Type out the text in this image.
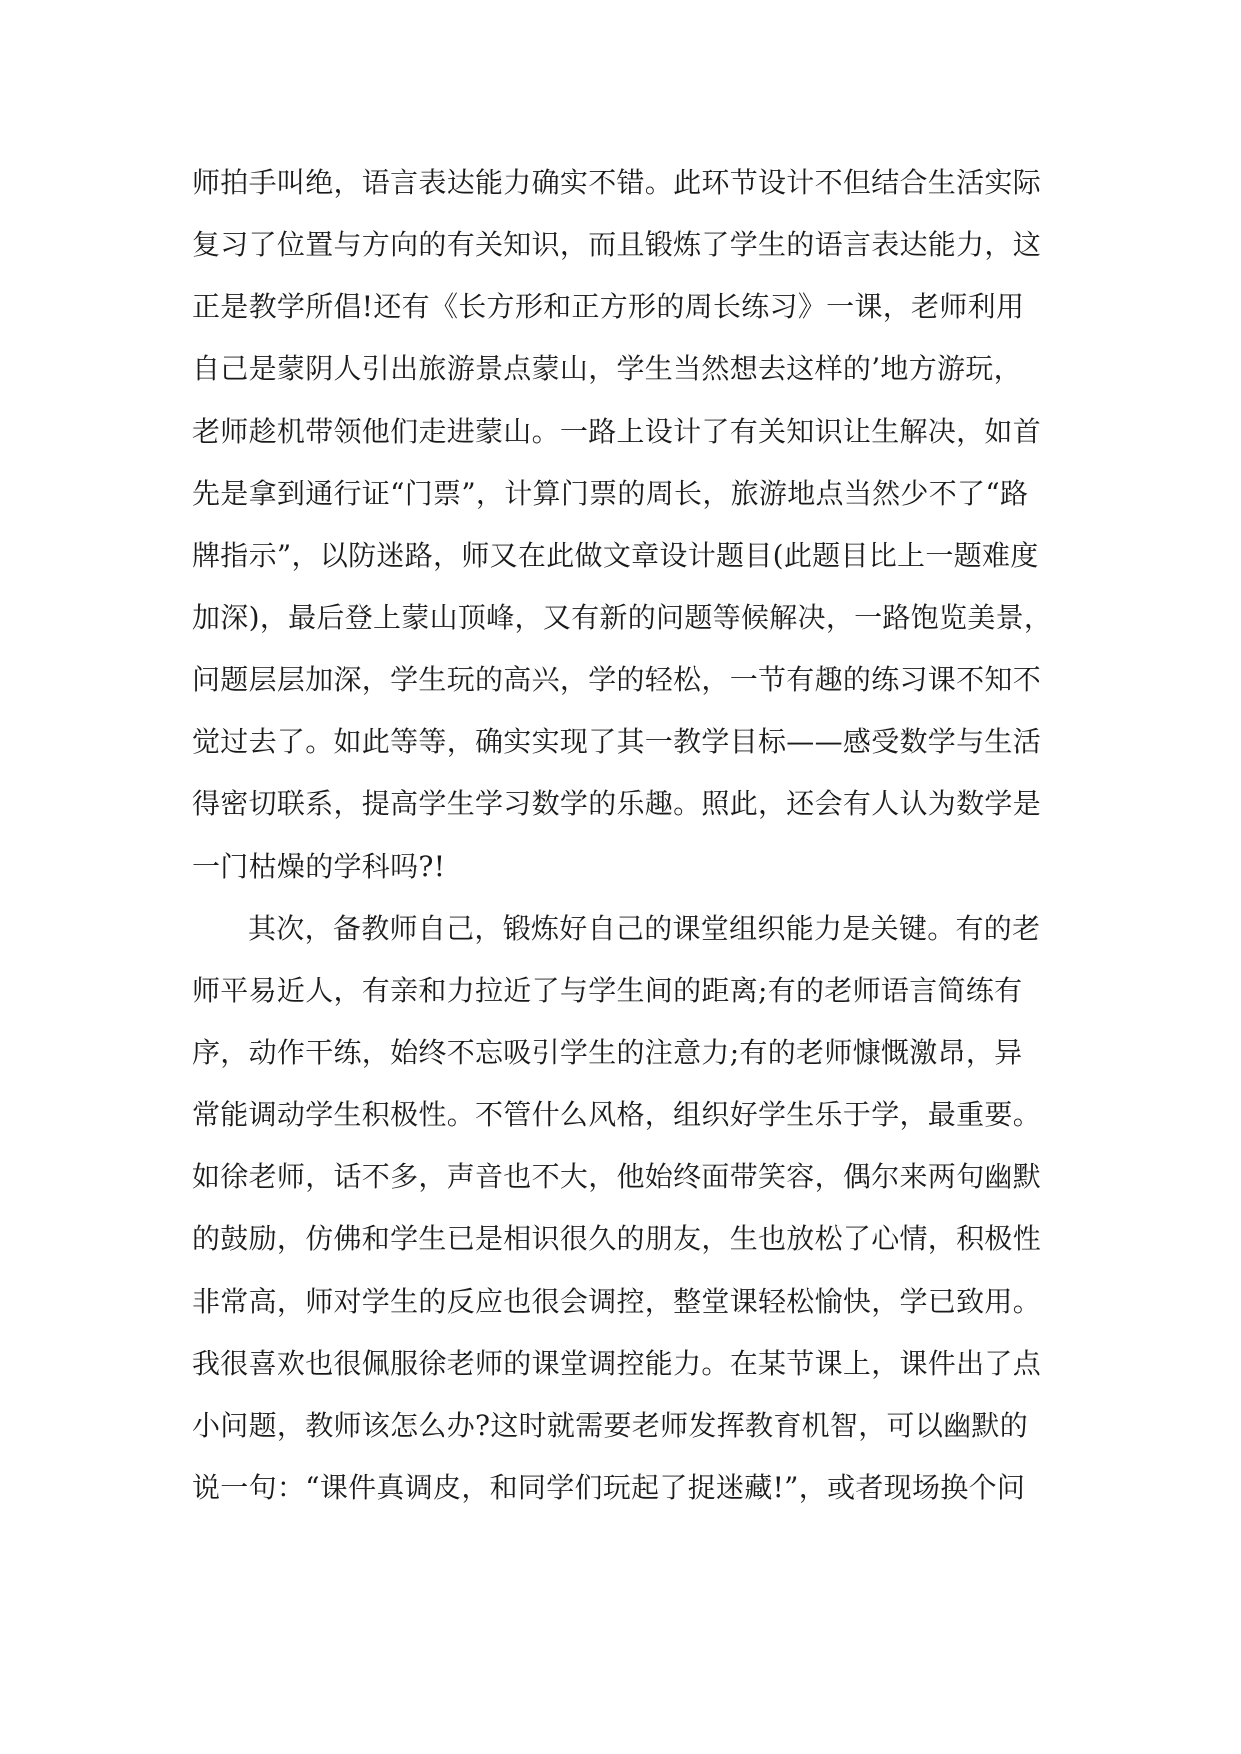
师拍手叫绝，语言表达能力确实不错。此环节设计不但结合生活实际
复习了位置与方向的有关知识，而且锻炼了学生的语言表达能力，这
正是教学所倡!还有《长方形和正方形的周长练习》一课，老师利用
自己是蒙阴人引出旅游景点蒙山，学生当然想去这样的’地方游玩，
老师趁机带领他们走进蒙山。一路上设计了有关知识让生解决，如首
先是拿到通行证“门票”，计算门票的周长，旅游地点当然少不了“路
牌指示”，以防迷路，师又在此做文章设计题目(此题目比上一题难度
加深)，最后登上蒙山顶峰，又有新的问题等候解决，一路饱览美景，
问题层层加深，学生玩的高兴，学的轻松，一节有趣的练习课不知不
觉过去了。如此等等，确实实现了其一教学目标——感受数学与生活
得密切联系，提高学生学习数学的乐趣。照此，还会有人认为数学是
一门枯燥的学科吗?!
其次，备教师自己，锻炼好自己的课堂组织能力是关键。有的老
师平易近人，有亲和力拉近了与学生间的距离;有的老师语言简练有
序，动作干练，始终不忘吸引学生的注意力;有的老师慷慨激昂，异
常能调动学生积极性。不管什么风格，组织好学生乐于学，最重要。
如徐老师，话不多，声音也不大，他始终面带笑容，偶尔来两句幽默
的鼓励，仿佛和学生已是相识很久的朋友，生也放松了心情，积极性
非常高，师对学生的反应也很会调控，整堂课轻松愉快，学已致用。
我很喜欢也很佩服徐老师的课堂调控能力。在某节课上，课件出了点
小问题，教师该怎么办?这时就需要老师发挥教育机智，可以幽默的
说一句：“课件真调皮，和同学们玩起了捉迷藏!”，或者现场换个问
